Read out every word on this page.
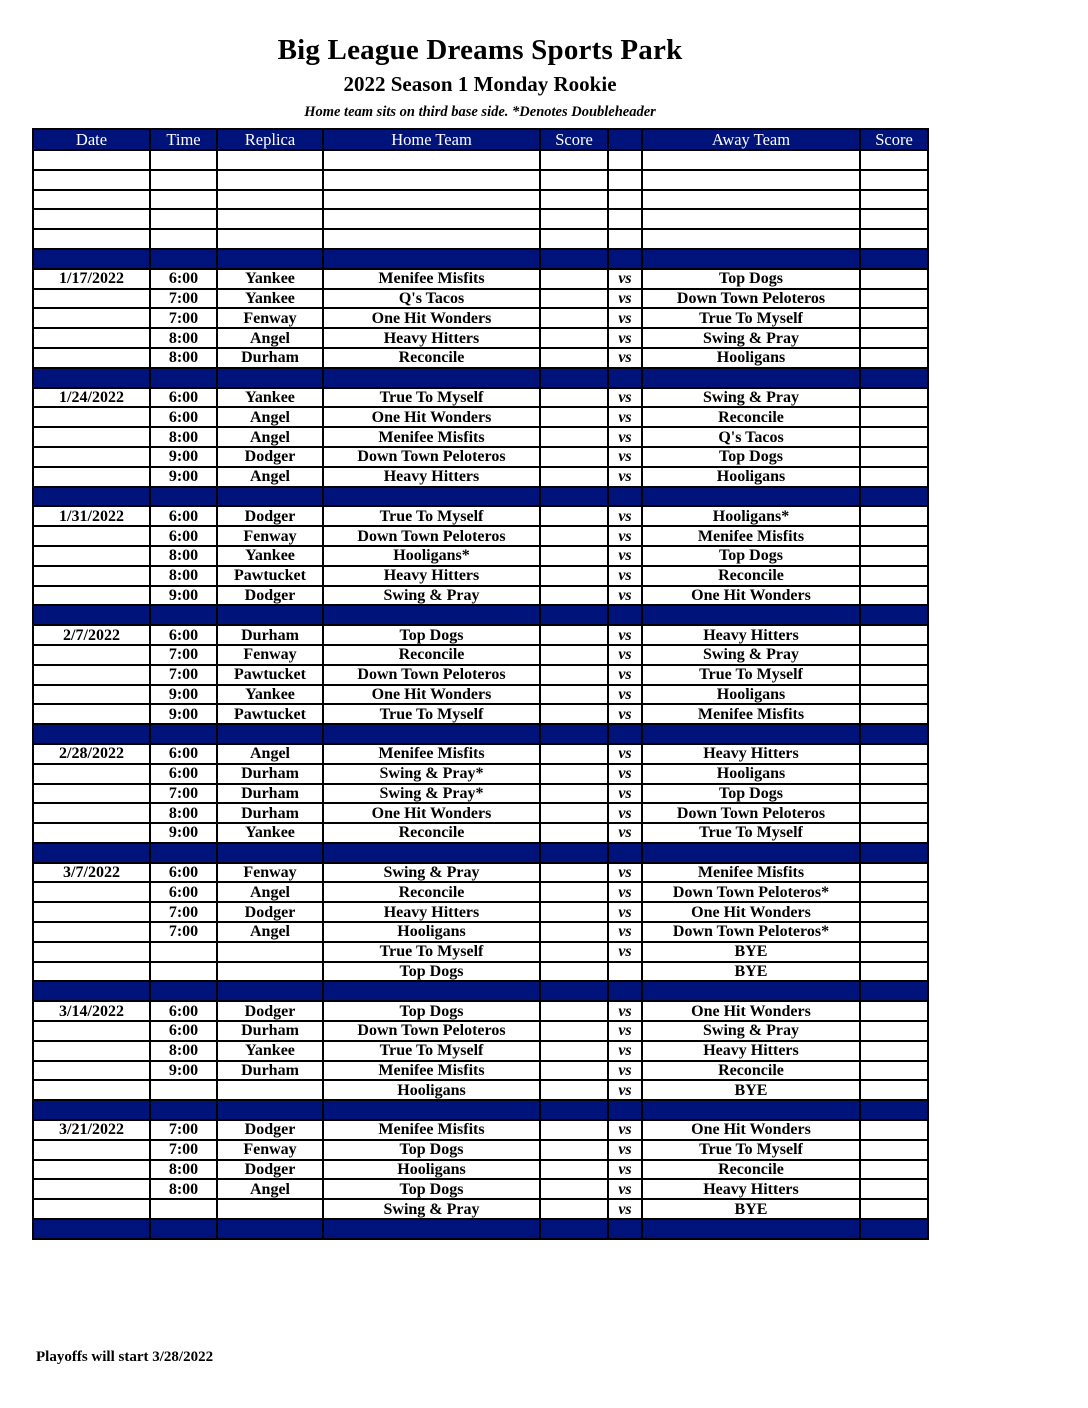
Big League Dreams Sports Park
2022 Season 1 Monday Rookie
Home team sits on third base side. *Denotes Doubleheader
Date	Time	Replica	Home Team	Score		Away Team	Score

1/17/2022	6:00	Yankee	Menifee Misfits		vs	Top Dogs	
	7:00	Yankee	Q's Tacos		vs	Down Town Peloteros	
	7:00	Fenway	One Hit Wonders		vs	True To Myself	
	8:00	Angel	Heavy Hitters		vs	Swing & Pray	
	8:00	Durham	Reconcile		vs	Hooligans	

1/24/2022	6:00	Yankee	True To Myself		vs	Swing & Pray	
	6:00	Angel	One Hit Wonders		vs	Reconcile	
	8:00	Angel	Menifee Misfits		vs	Q's Tacos	
	9:00	Dodger	Down Town Peloteros		vs	Top Dogs	
	9:00	Angel	Heavy Hitters		vs	Hooligans	

1/31/2022	6:00	Dodger	True To Myself		vs	Hooligans*	
	6:00	Fenway	Down Town Peloteros		vs	Menifee Misfits	
	8:00	Yankee	Hooligans*		vs	Top Dogs	
	8:00	Pawtucket	Heavy Hitters		vs	Reconcile	
	9:00	Dodger	Swing & Pray		vs	One Hit Wonders	

2/7/2022	6:00	Durham	Top Dogs		vs	Heavy Hitters	
	7:00	Fenway	Reconcile		vs	Swing & Pray	
	7:00	Pawtucket	Down Town Peloteros		vs	True To Myself	
	9:00	Yankee	One Hit Wonders		vs	Hooligans	
	9:00	Pawtucket	True To Myself		vs	Menifee Misfits	

2/28/2022	6:00	Angel	Menifee Misfits		vs	Heavy Hitters	
	6:00	Durham	Swing & Pray*		vs	Hooligans	
	7:00	Durham	Swing & Pray*		vs	Top Dogs	
	8:00	Durham	One Hit Wonders		vs	Down Town Peloteros	
	9:00	Yankee	Reconcile		vs	True To Myself	

3/7/2022	6:00	Fenway	Swing & Pray		vs	Menifee Misfits	
	6:00	Angel	Reconcile		vs	Down Town Peloteros*	
	7:00	Dodger	Heavy Hitters		vs	One Hit Wonders	
	7:00	Angel	Hooligans		vs	Down Town Peloteros*	
			True To Myself		vs	BYE	
			Top Dogs			BYE	

3/14/2022	6:00	Dodger	Top Dogs		vs	One Hit Wonders	
	6:00	Durham	Down Town Peloteros		vs	Swing & Pray	
	8:00	Yankee	True To Myself		vs	Heavy Hitters	
	9:00	Durham	Menifee Misfits		vs	Reconcile	
			Hooligans		vs	BYE	

3/21/2022	7:00	Dodger	Menifee Misfits		vs	One Hit Wonders	
	7:00	Fenway	Top Dogs		vs	True To Myself	
	8:00	Dodger	Hooligans		vs	Reconcile	
	8:00	Angel	Top Dogs		vs	Heavy Hitters	
			Swing & Pray		vs	BYE	

Playoffs will start 3/28/2022
